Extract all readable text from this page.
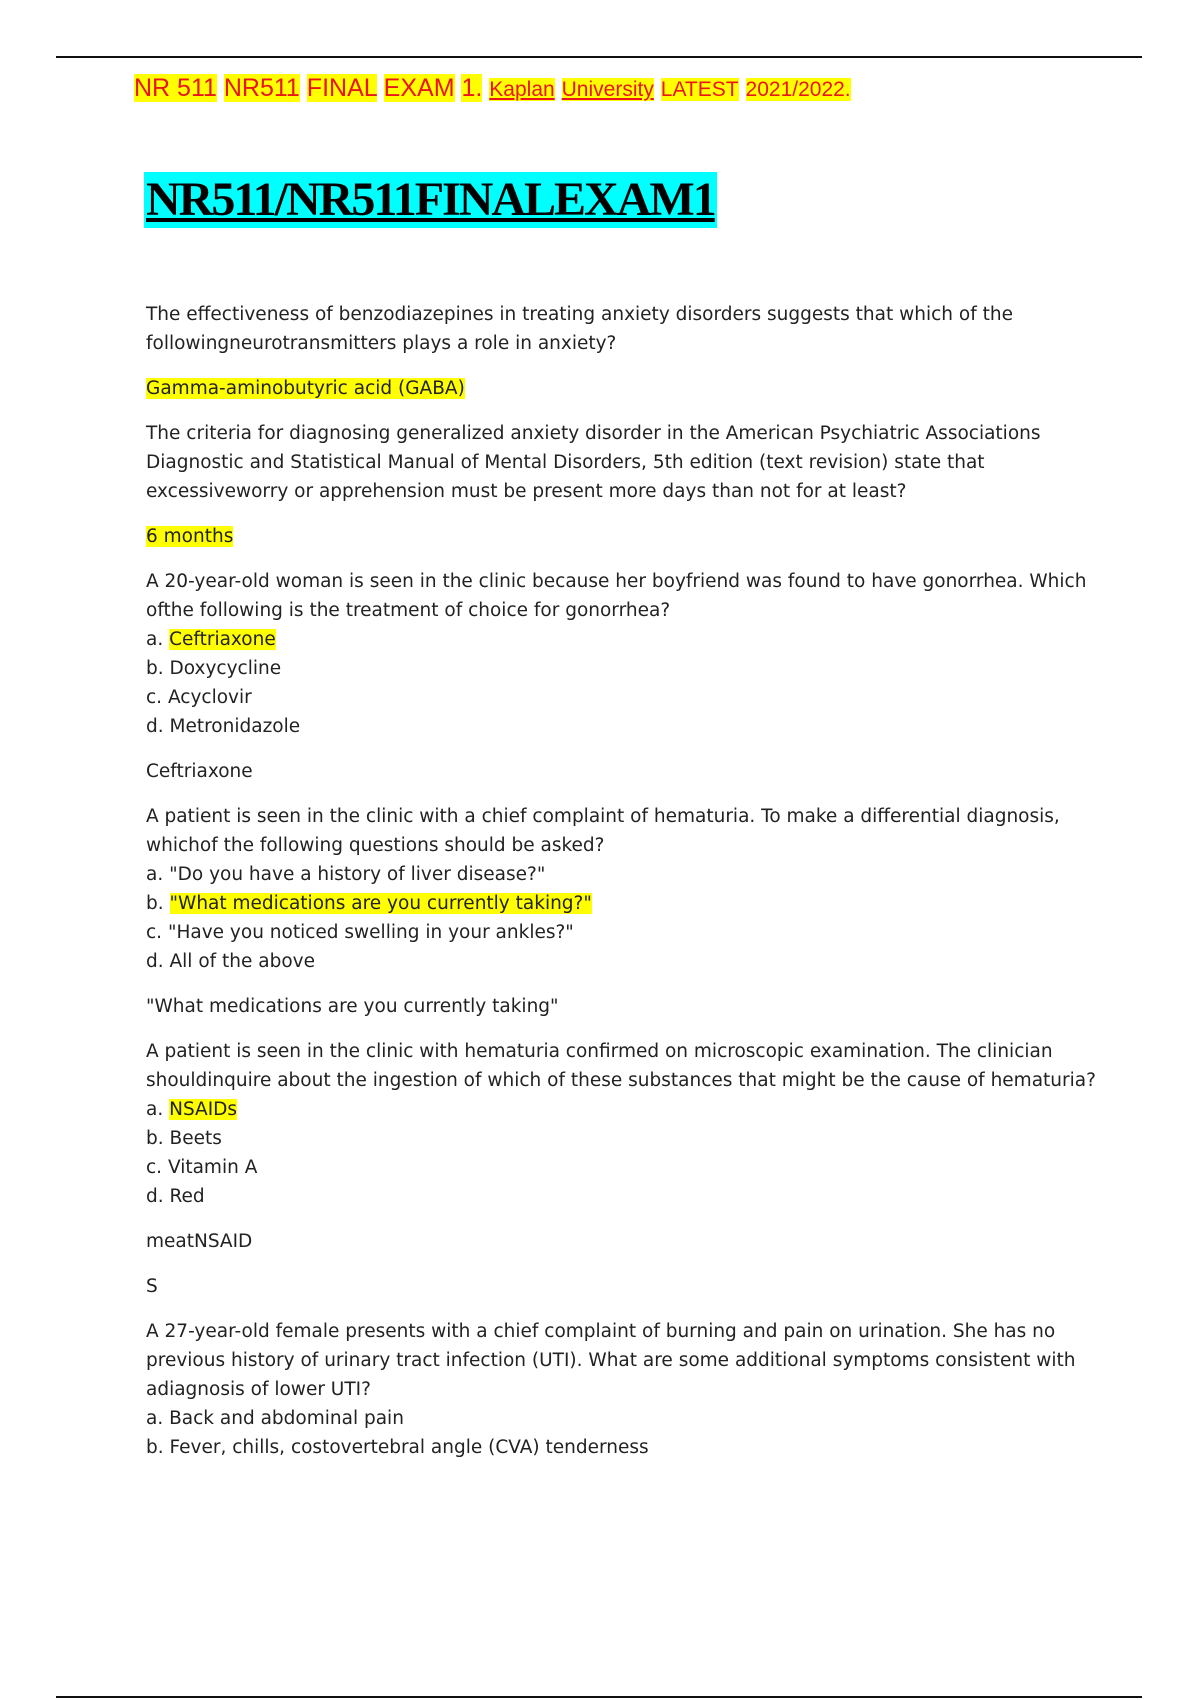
NR 511 NR511 FINAL EXAM 1. Kaplan University LATEST 2021/2022.
NR511/NR511FINALEXAM1

The effectiveness of benzodiazepines in treating anxiety disorders suggests that which of the followingneurotransmitters plays a role in anxiety?

Gamma-aminobutyric acid (GABA)

The criteria for diagnosing generalized anxiety disorder in the American Psychiatric Associations Diagnostic and Statistical Manual of Mental Disorders, 5th edition (text revision) state that excessiveworry or apprehension must be present more days than not for at least?

6 months

A 20-year-old woman is seen in the clinic because her boyfriend was found to have gonorrhea. Which ofthe following is the treatment of choice for gonorrhea?

a. Ceftriaxone

b. Doxycycline

c. Acyclovir

d. Metronidazole

Ceftriaxone

A patient is seen in the clinic with a chief complaint of hematuria. To make a differential diagnosis, whichof the following questions should be asked?

a. "Do you have a history of liver disease?"

b. "What medications are you currently taking?"

c. "Have you noticed swelling in your ankles?"

d. All of the above

"What medications are you currently taking"

A patient is seen in the clinic with hematuria confirmed on microscopic examination. The clinician shouldinquire about the ingestion of which of these substances that might be the cause of hematuria?

a. NSAIDs

b. Beets

c. Vitamin A

d. Red

meatNSAID

S

A 27-year-old female presents with a chief complaint of burning and pain on urination. She has no previous history of urinary tract infection (UTI). What are some additional symptoms consistent with adiagnosis of lower UTI?

a. Back and abdominal pain

b. Fever, chills, costovertebral angle (CVA) tenderness
